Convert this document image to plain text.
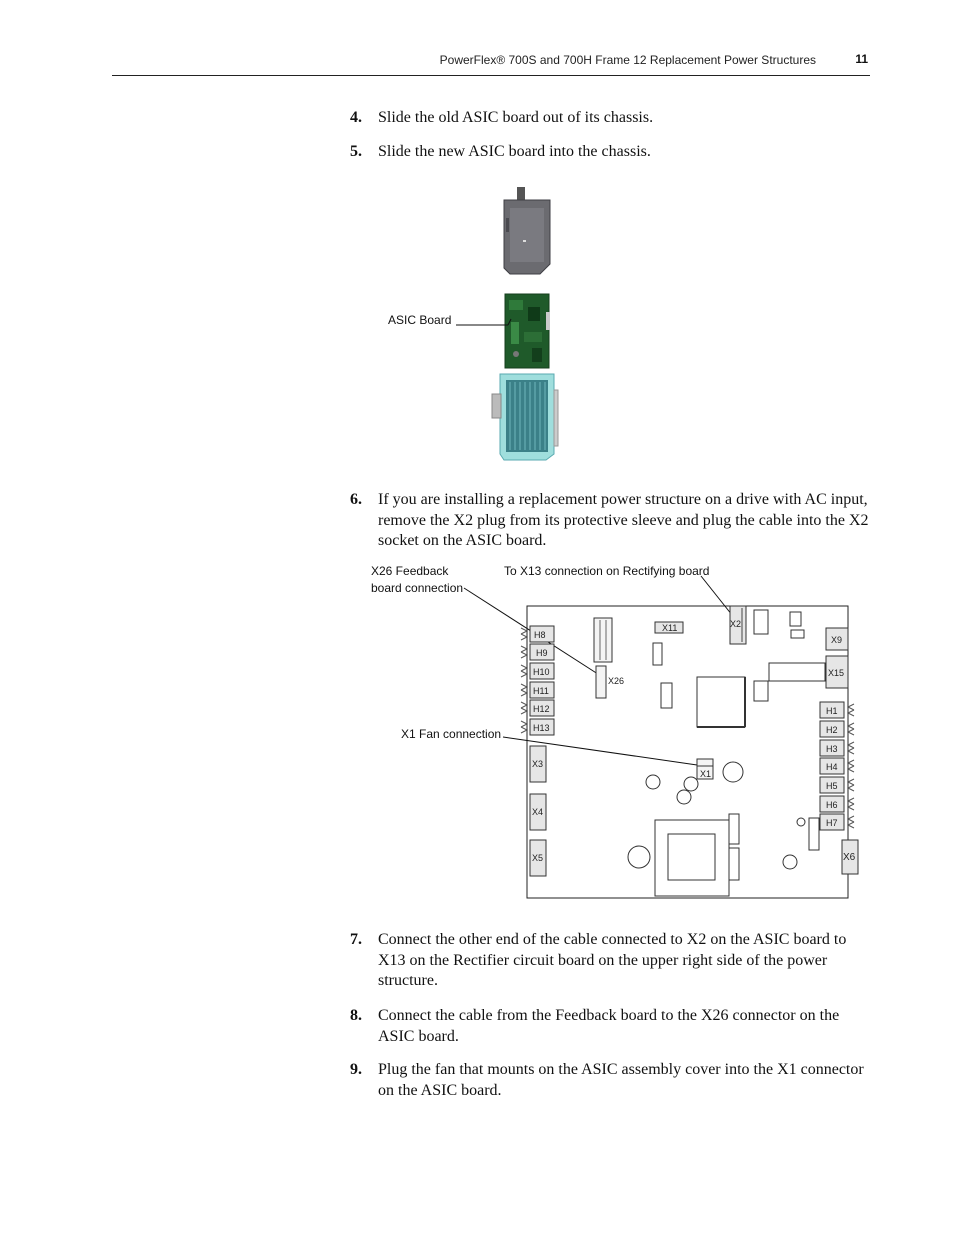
PowerFlex® 700S and 700H Frame 12 Replacement Power Structures	11
4. Slide the old ASIC board out of its chassis.
5. Slide the new ASIC board into the chassis.
ASIC Board
6. If you are installing a replacement power structure on a drive with AC input, remove the X2 plug from its protective sleeve and plug the cable into the X2 socket on the ASIC board.
X26 Feedback
board connection
To X13 connection on Rectifying board
X1 Fan connection
H8
H9
H10
H11
H12
H13
X3
X4
X5
X26
X11	X2
X9
X15
H1
H2
H3
H4
H5
H6
H7
X6
X1
7. Connect the other end of the cable connected to X2 on the ASIC board to X13 on the Rectifier circuit board on the upper right side of the power structure.
8. Connect the cable from the Feedback board to the X26 connector on the ASIC board.
9. Plug the fan that mounts on the ASIC assembly cover into the X1 connector on the ASIC board.
